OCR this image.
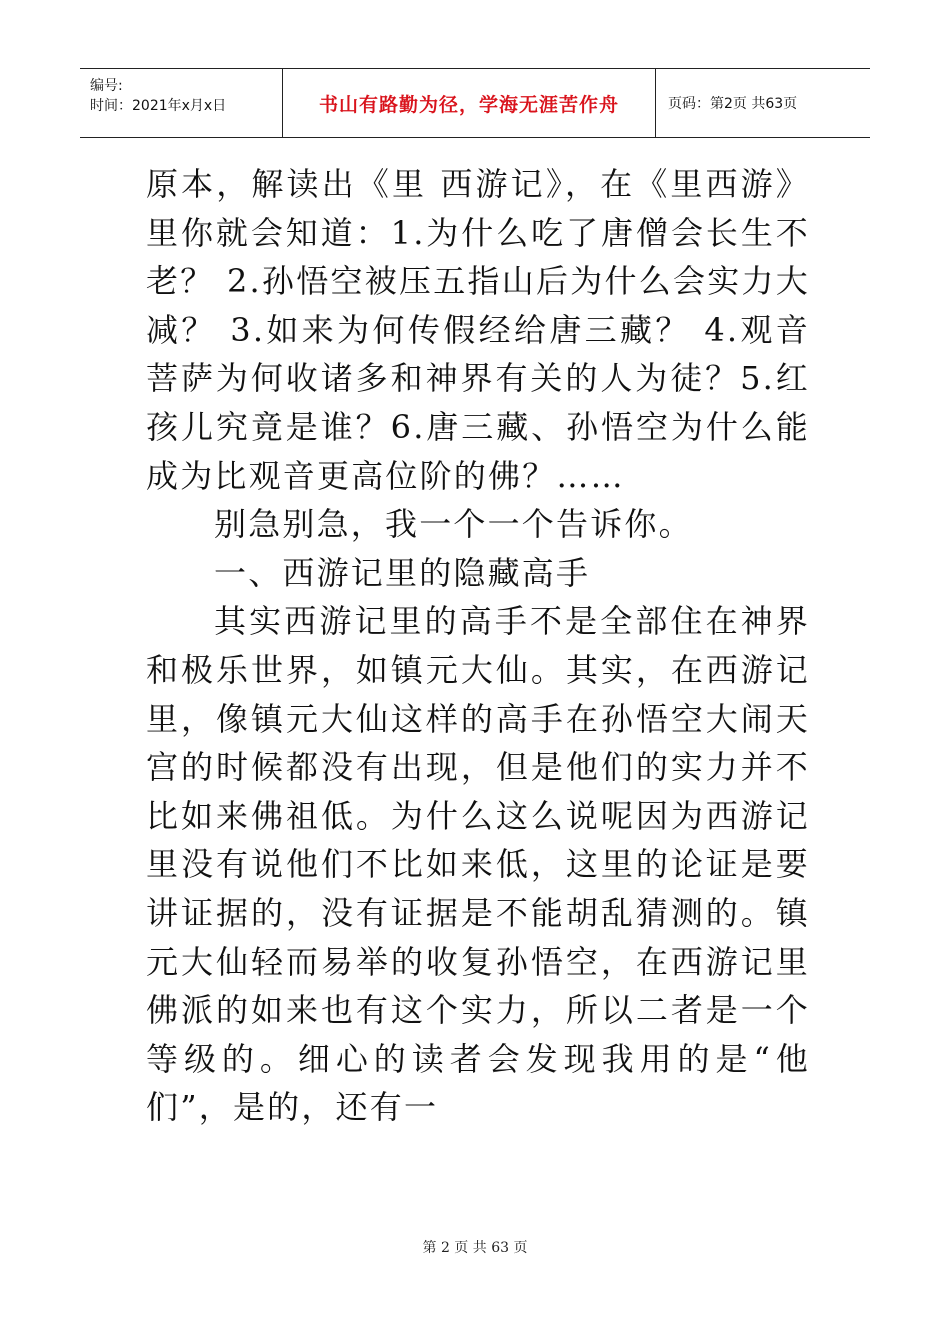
编号:
时间：2021年x月x日	书山有路勤为径，学海无涯苦作舟	页码：第2页 共63页

原本，解读出《里 西游记》，在《里西游》里你就会知道：1.为什么吃了唐僧会长生不老？ 2.孙悟空被压五指山后为什么会实力大减？ 3.如来为何传假经给唐三藏？ 4.观音菩萨为何收诸多和神界有关的人为徒？5.红孩儿究竟是谁？6.唐三藏、孙悟空为什么能成为比观音更高位阶的佛？……

别急别急，我一个一个告诉你。

一、西游记里的隐藏高手

其实西游记里的高手不是全部住在神界和极乐世界，如镇元大仙。其实，在西游记里，像镇元大仙这样的高手在孙悟空大闹天宫的时候都没有出现，但是他们的实力并不比如来佛祖低。为什么这么说呢因为西游记里没有说他们不比如来低，这里的论证是要讲证据的，没有证据是不能胡乱猜测的。镇元大仙轻而易举的收复孙悟空，在西游记里佛派的如来也有这个实力，所以二者是一个等级的。细心的读者会发现我用的是“他们”，是的，还有一

第 2 页 共 63 页
